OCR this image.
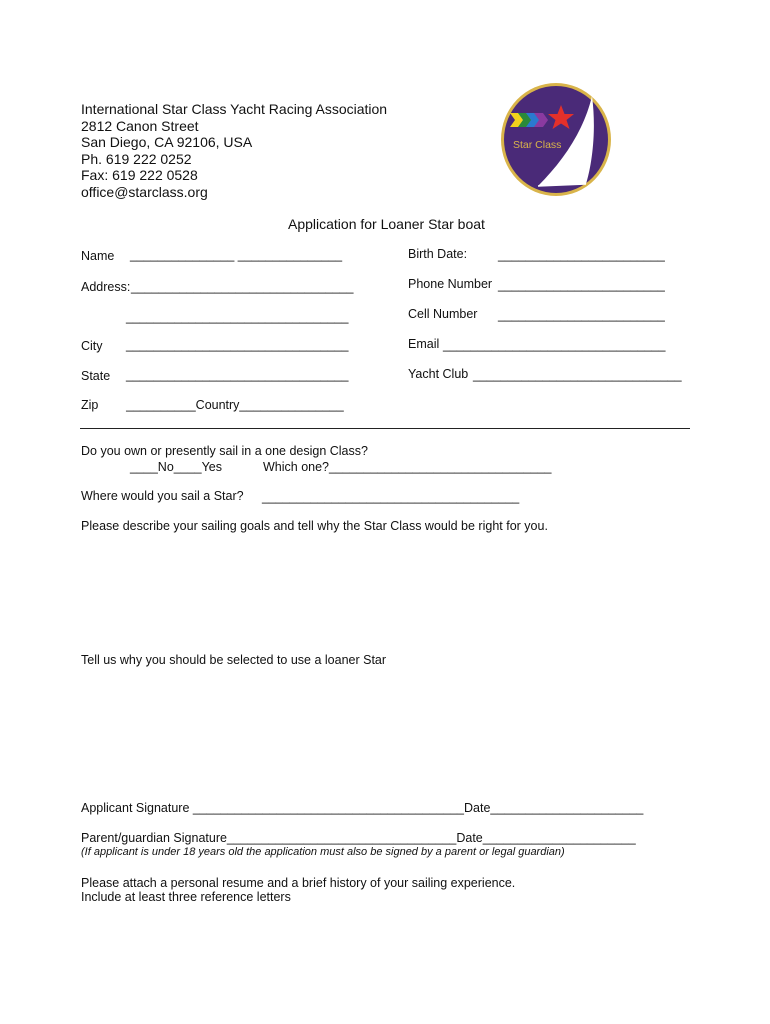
International Star Class Yacht Racing Association
2812 Canon Street
San Diego, CA 92106, USA
Ph. 619 222 0252
Fax: 619 222 0528
office@starclass.org
Star Class
Application for Loaner Star boat
Name _______________ _______________
Address: ________________________________
________________________________
City ________________________________
State ________________________________
Zip        __________Country_______________
Birth Date: ________________________
Phone Number ________________________
Cell Number ________________________
Email ________________________________
Yacht Club ______________________________
Do you own or presently sail in a one design Class?
____No____Yes	Which one?________________________________
Where would you sail a Star? _____________________________________
Please describe your sailing goals and tell why the Star Class would be right for you.
Tell us why you should be selected to use a loaner Star
Applicant Signature _______________________________________Date______________________
Parent/guardian Signature_________________________________Date______________________
(If applicant is under 18 years old the application must also be signed by a parent or legal guardian)
Please attach a personal resume and a brief history of your sailing experience.
Include at least three reference letters
